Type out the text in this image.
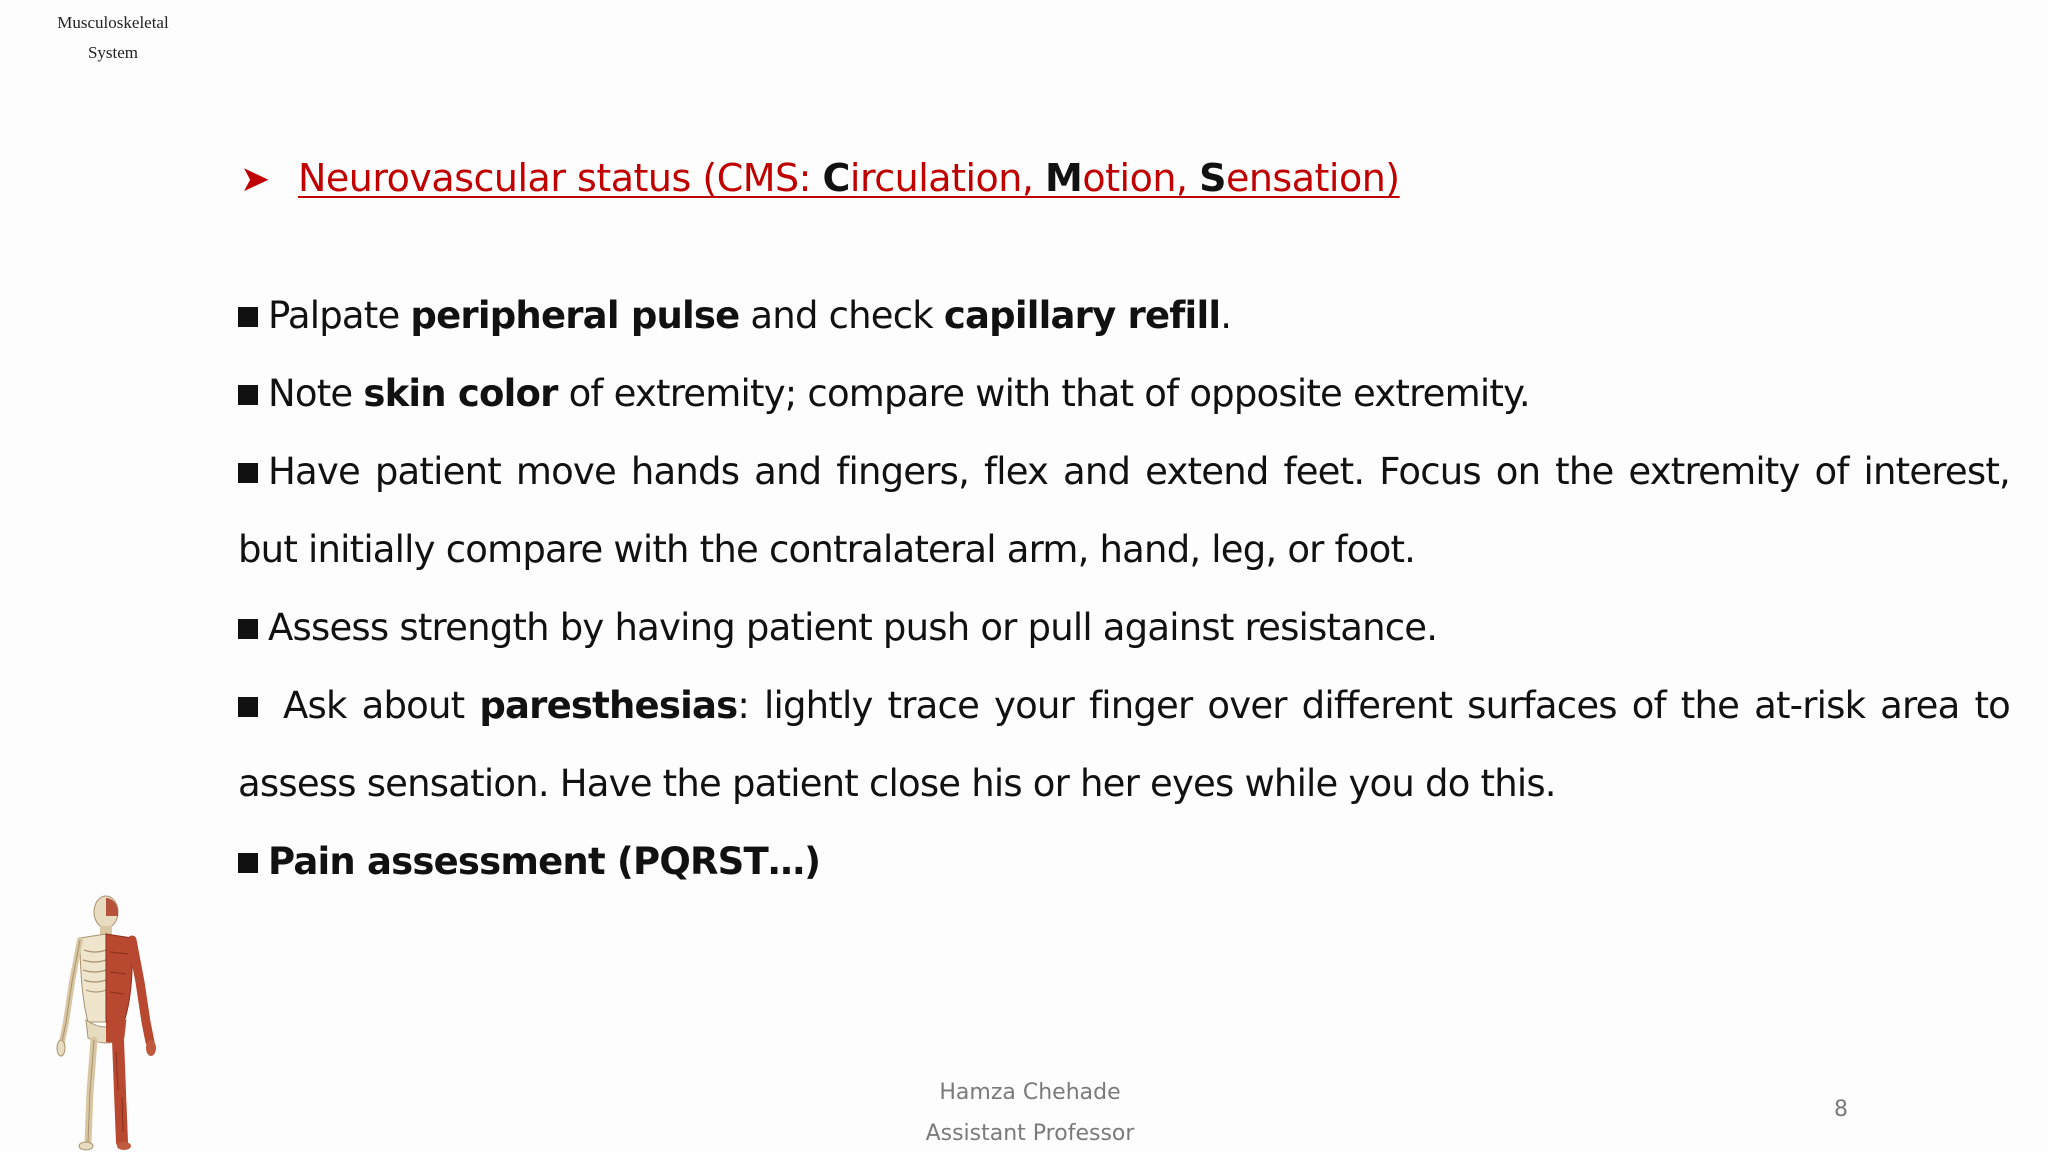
Musculoskeletal
System
➤ Neurovascular status (CMS: Circulation, Motion, Sensation)

Palpate peripheral pulse and check capillary refill.

Note skin color of extremity; compare with that of opposite extremity.

Have patient move hands and fingers, flex and extend feet. Focus on the extremity of interest, but initially compare with the contralateral arm, hand, leg, or foot.

Assess strength by having patient push or pull against resistance.

Ask about paresthesias: lightly trace your finger over different surfaces of the at-risk area to assess sensation. Have the patient close his or her eyes while you do this.

Pain assessment (PQRST…)

Hamza Chehade
Assistant Professor
8
